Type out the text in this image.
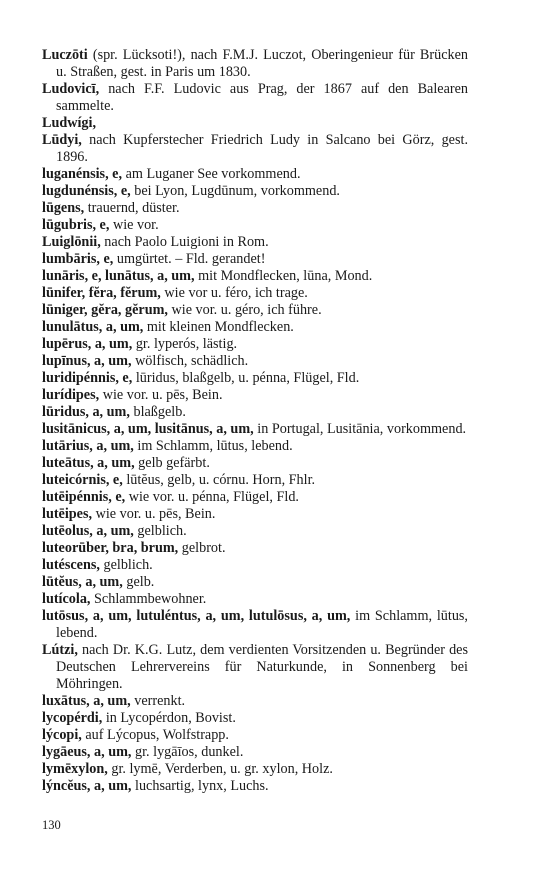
Luczōti (spr. Lücksoti!), nach F.M.J. Luczot, Oberingenieur für Brücken u. Straßen, gest. in Paris um 1830.

Ludovicī, nach F.F. Ludovic aus Prag, der 1867 auf den Balearen sammelte.

Ludwígi,

Lūdyi, nach Kupferstecher Friedrich Ludy in Salcano bei Görz, gest. 1896.

luganénsis, e, am Luganer See vorkommend.

lugdunénsis, e, bei Lyon, Lugdūnum, vorkommend.

lūgens, trauernd, düster.

lūgubris, e, wie vor.

Luiglōnii, nach Paolo Luigioni in Rom.

lumbāris, e, umgürtet. – Fld. gerandet!

lunāris, e, lunātus, a, um, mit Mondflecken, lūna, Mond.

lūnifer, fĕra, fĕrum, wie vor u. féro, ich trage.

lūniger, gĕra, gĕrum, wie vor. u. géro, ich führe.

lunulātus, a, um, mit kleinen Mondflecken.

lupērus, a, um, gr. lyperós, lästig.

lupīnus, a, um, wölfisch, schädlich.

luridipénnis, e, lūridus, blaßgelb, u. pénna, Flügel, Fld.

lurídipes, wie vor. u. pēs, Bein.

lūridus, a, um, blaßgelb.

lusitānicus, a, um, lusitānus, a, um, in Portugal, Lusitānia, vorkommend.

lutārius, a, um, im Schlamm, lūtus, lebend.

luteātus, a, um, gelb gefärbt.

luteicórnis, e, lūtĕus, gelb, u. córnu. Horn, Fhlr.

lutēipénnis, e, wie vor. u. pénna, Flügel, Fld.

lutēipes, wie vor. u. pēs, Bein.

lutēolus, a, um, gelblich.

luteorūber, bra, brum, gelbrot.

lutéscens, gelblich.

lūtĕus, a, um, gelb.

lutícola, Schlammbewohner.

lutōsus, a, um, lutuléntus, a, um, lutulōsus, a, um, im Schlamm, lūtus, lebend.

Lútzi, nach Dr. K.G. Lutz, dem verdienten Vorsitzenden u. Begründer des Deutschen Lehrervereins für Naturkunde, in Sonnenberg bei Möhringen.

luxātus, a, um, verrenkt.

lycopérdi, in Lycopérdon, Bovist.

lýcopi, auf Lýcopus, Wolfstrapp.

lygāeus, a, um, gr. lygāīos, dunkel.

lymēxylon, gr. lymē, Verderben, u. gr. xylon, Holz.

lýncĕus, a, um, luchsartig, lynx, Luchs.

130
